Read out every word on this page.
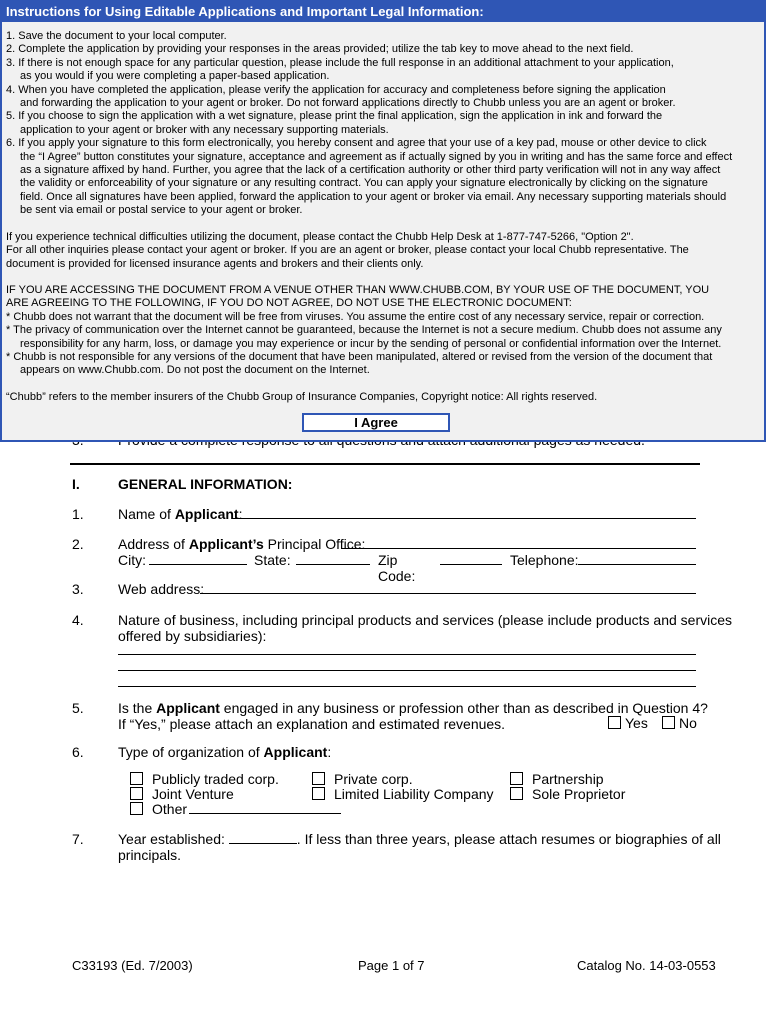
I.	GENERAL INFORMATION:
1. Name of Applicant:
2. Address of Applicant’s Principal Office:
City:	State:	Zip Code:
Telephone:
3. Web address:
4. Nature of business, including principal products and services (please include products and services
offered by subsidiaries):
5. Is the Applicant engaged in any business or profession other than as described in Question 4?
If “Yes,” please attach an explanation and estimated revenues.	Yes	No
6. Type of organization of Applicant:
Publicly traded corp.	Private corp.	Partnership
Joint Venture	Limited Liability Company	Sole Proprietor
Other
7. Year established:	. If less than three years, please attach resumes or biographies of all
principals.
C33193 (Ed. 7/2003)	Page 1 of 7	Catalog No. 14-03-0553
Instructions for Using Editable Applications and Important Legal Information:

1. Save the document to your local computer.

2. Complete the application by providing your responses in the areas provided; utilize the tab key to move ahead to the next field.

3. If there is not enough space for any particular question, please include the full response in an additional attachment to your application,

as you would if you were completing a paper-based application.

4. When you have completed the application, please verify the application for accuracy and completeness before signing the application

and forwarding the application to your agent or broker. Do not forward applications directly to Chubb unless you are an agent or broker.

5. If you choose to sign the application with a wet signature, please print the final application, sign the application in ink and forward the

application to your agent or broker with any necessary supporting materials.

6. If you apply your signature to this form electronically, you hereby consent and agree that your use of a key pad, mouse or other device to click

the “I Agree” button constitutes your signature, acceptance and agreement as if actually signed by you in writing and has the same force and effect

as a signature affixed by hand. Further, you agree that the lack of a certification authority or other third party verification will not in any way affect

the validity or enforceability of your signature or any resulting contract. You can apply your signature electronically by clicking on the signature

field. Once all signatures have been applied, forward the application to your agent or broker via email. Any necessary supporting materials should

be sent via email or postal service to your agent or broker.

If you experience technical difficulties utilizing the document, please contact the Chubb Help Desk at 1-877-747-5266, "Option 2".

For all other inquiries please contact your agent or broker. If you are an agent or broker, please contact your local Chubb representative. The

document is provided for licensed insurance agents and brokers and their clients only.

IF YOU ARE ACCESSING THE DOCUMENT FROM A VENUE OTHER THAN WWW.CHUBB.COM, BY YOUR USE OF THE DOCUMENT, YOU

ARE AGREEING TO THE FOLLOWING, IF YOU DO NOT AGREE, DO NOT USE THE ELECTRONIC DOCUMENT:

* Chubb does not warrant that the document will be free from viruses. You assume the entire cost of any necessary service, repair or correction.

* The privacy of communication over the Internet cannot be guaranteed, because the Internet is not a secure medium. Chubb does not assume any

responsibility for any harm, loss, or damage you may experience or incur by the sending of personal or confidential information over the Internet.

* Chubb is not responsible for any versions of the document that have been manipulated, altered or revised from the version of the document that

appears on www.Chubb.com. Do not post the document on the Internet.

“Chubb” refers to the member insurers of the Chubb Group of Insurance Companies, Copyright notice: All rights reserved.

I Agree
